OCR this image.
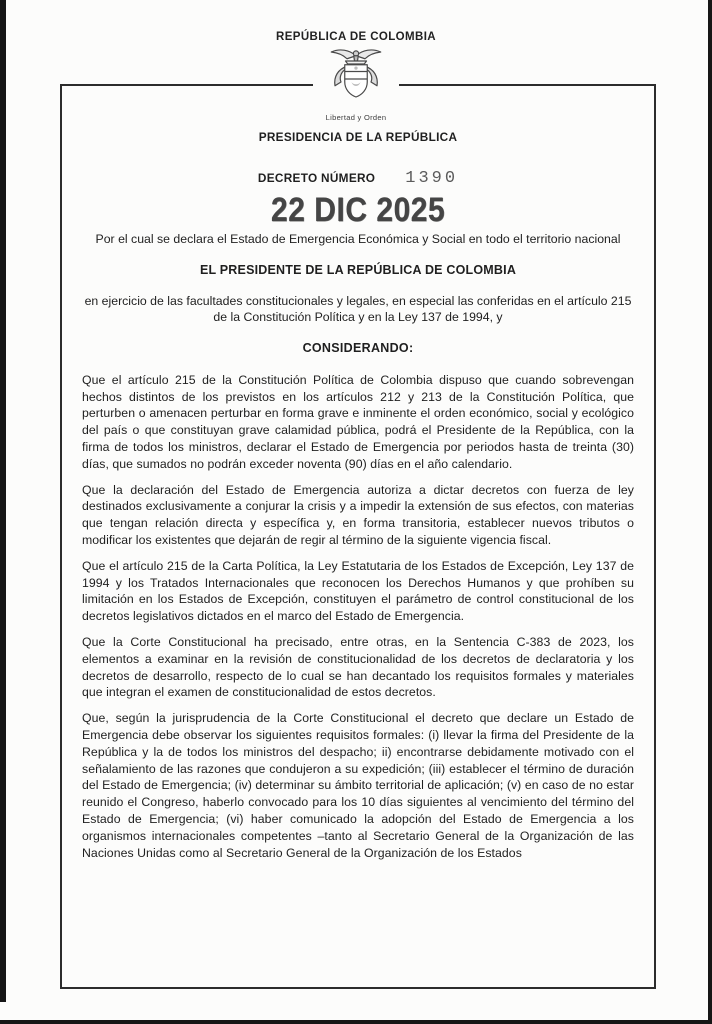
REPÚBLICA DE COLOMBIA
PRESIDENCIA DE LA REPÚBLICA
DECRETO NÚMERO 1390
22 DIC 2025
Por el cual se declara el Estado de Emergencia Económica y Social en todo el territorio nacional
EL PRESIDENTE DE LA REPÚBLICA DE COLOMBIA
en ejercicio de las facultades constitucionales y legales, en especial las conferidas en el artículo 215 de la Constitución Política y en la Ley 137 de 1994, y
CONSIDERANDO:

Que el artículo 215 de la Constitución Política de Colombia dispuso que cuando sobrevengan hechos distintos de los previstos en los artículos 212 y 213 de la Constitución Política, que perturben o amenacen perturbar en forma grave e inminente el orden económico, social y ecológico del país o que constituyan grave calamidad pública, podrá el Presidente de la República, con la firma de todos los ministros, declarar el Estado de Emergencia por periodos hasta de treinta (30) días, que sumados no podrán exceder noventa (90) días en el año calendario.

Que la declaración del Estado de Emergencia autoriza a dictar decretos con fuerza de ley destinados exclusivamente a conjurar la crisis y a impedir la extensión de sus efectos, con materias que tengan relación directa y específica y, en forma transitoria, establecer nuevos tributos o modificar los existentes que dejarán de regir al término de la siguiente vigencia fiscal.

Que el artículo 215 de la Carta Política, la Ley Estatutaria de los Estados de Excepción, Ley 137 de 1994 y los Tratados Internacionales que reconocen los Derechos Humanos y que prohíben su limitación en los Estados de Excepción, constituyen el parámetro de control constitucional de los decretos legislativos dictados en el marco del Estado de Emergencia.

Que la Corte Constitucional ha precisado, entre otras, en la Sentencia C-383 de 2023, los elementos a examinar en la revisión de constitucionalidad de los decretos de declaratoria y los decretos de desarrollo, respecto de lo cual se han decantado los requisitos formales y materiales que integran el examen de constitucionalidad de estos decretos.

Que, según la jurisprudencia de la Corte Constitucional el decreto que declare un Estado de Emergencia debe observar los siguientes requisitos formales: (i) llevar la firma del Presidente de la República y la de todos los ministros del despacho; ii) encontrarse debidamente motivado con el señalamiento de las razones que condujeron a su expedición; (iii) establecer el término de duración del Estado de Emergencia; (iv) determinar su ámbito territorial de aplicación; (v) en caso de no estar reunido el Congreso, haberlo convocado para los 10 días siguientes al vencimiento del término del Estado de Emergencia; (vi) haber comunicado la adopción del Estado de Emergencia a los organismos internacionales competentes –tanto al Secretario General de la Organización de las Naciones Unidas como al Secretario General de la Organización de los Estados

Libertad y Orden
